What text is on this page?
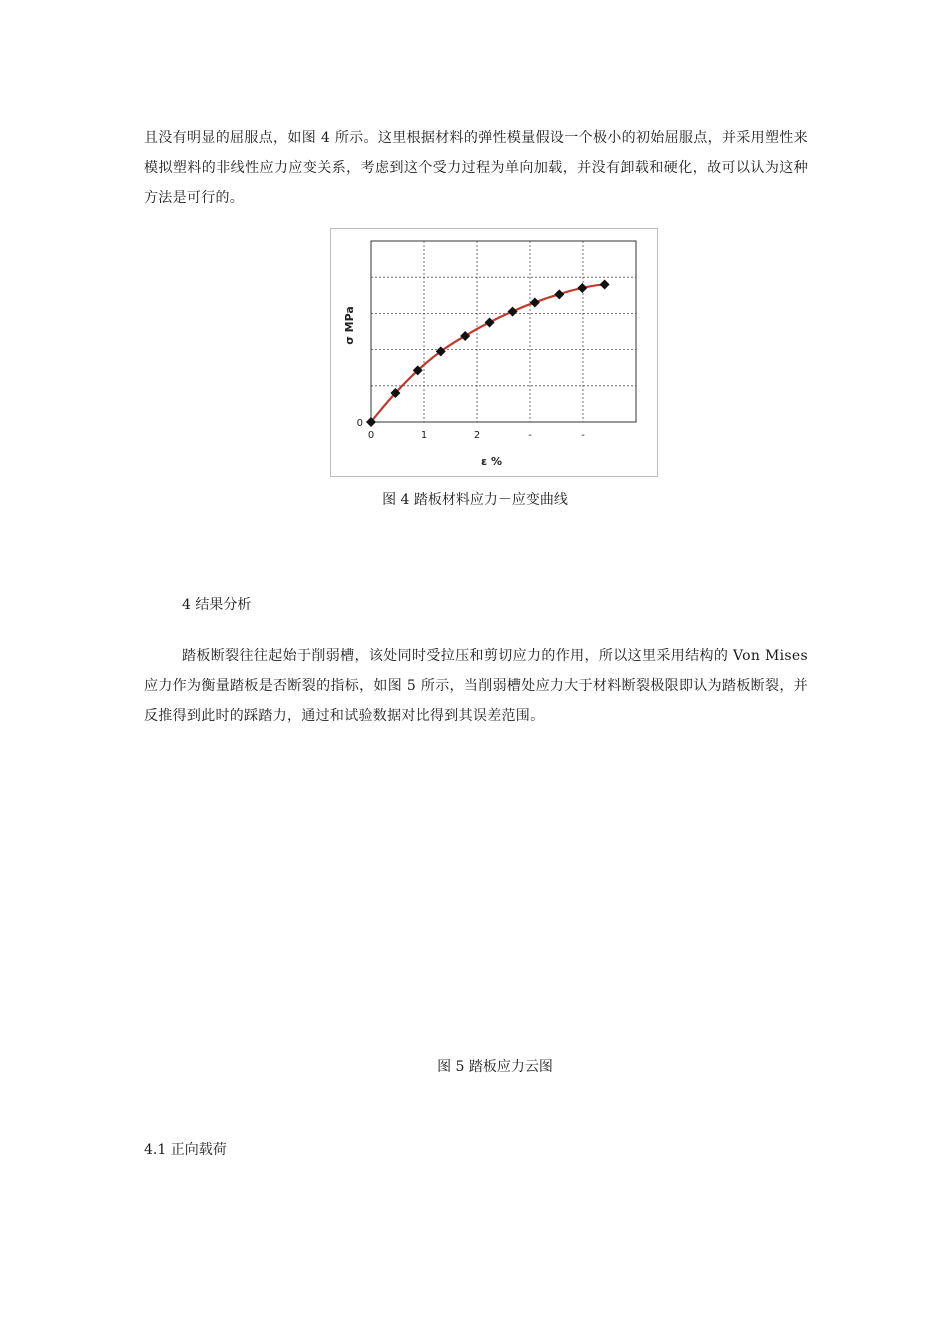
且没有明显的屈服点，如图 4 所示。这里根据材料的弹性模量假设一个极小的初始屈服点，并采用塑性来模拟塑料的非线性应力应变关系，考虑到这个受力过程为单向加载，并没有卸载和硬化，故可以认为这种方法是可行的。

0	1	2	-	-
0
ε %
σ MPa

图 4 踏板材料应力－应变曲线

4 结果分析

踏板断裂往往起始于削弱槽，该处同时受拉压和剪切应力的作用，所以这里采用结构的 Von Mises 应力作为衡量踏板是否断裂的指标，如图 5 所示，当削弱槽处应力大于材料断裂极限即认为踏板断裂，并反推得到此时的踩踏力，通过和试验数据对比得到其误差范围。

图 5 踏板应力云图

4.1 正向载荷
